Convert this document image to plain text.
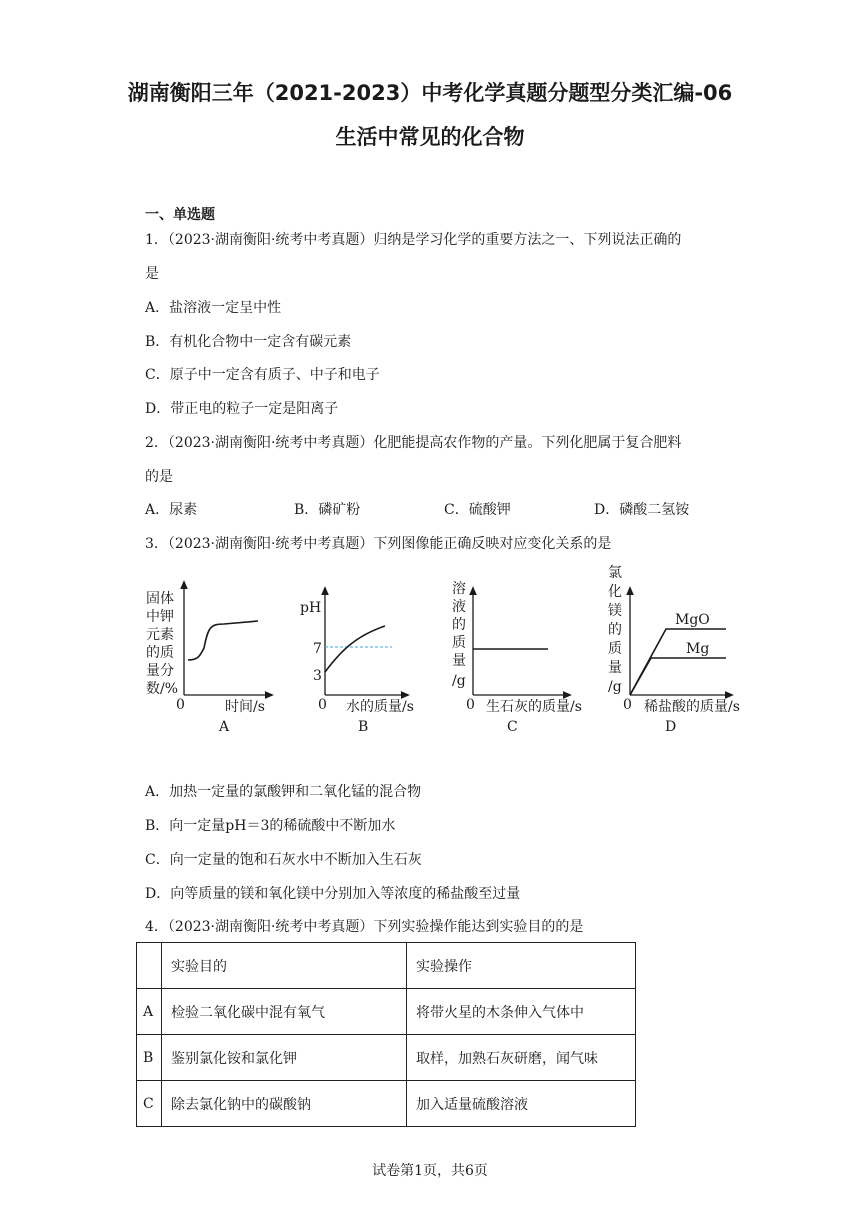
湖南衡阳三年（2021-2023）中考化学真题分题型分类汇编-06
生活中常见的化合物
一、单选题
1．（2023·湖南衡阳·统考中考真题）归纳是学习化学的重要方法之一、下列说法正确的
是
A．盐溶液一定呈中性
B．有机化合物中一定含有碳元素
C．原子中一定含有质子、中子和电子
D．带正电的粒子一定是阳离子
2．（2023·湖南衡阳·统考中考真题）化肥能提高农作物的产量。下列化肥属于复合肥料
的是
A．尿素	B．磷矿粉	C．硫酸钾	D．磷酸二氢铵
3．（2023·湖南衡阳·统考中考真题）下列图像能正确反映对应变化关系的是
固体
中钾
元素
的质
量分
数/%
0	时间/s
A
pH
7
3
0 水的质量/s
B
溶
液
的
质
量
/g
0 生石灰的质量/s
C
氯
化
镁
的
质
量
/g
MgO
Mg
0 稀盐酸的质量/s
D
A．加热一定量的氯酸钾和二氧化锰的混合物
B．向一定量pH＝3的稀硫酸中不断加水
C．向一定量的饱和石灰水中不断加入生石灰
D．向等质量的镁和氧化镁中分别加入等浓度的稀盐酸至过量
4．（2023·湖南衡阳·统考中考真题）下列实验操作能达到实验目的的是
	实验目的	实验操作
A	检验二氧化碳中混有氧气	将带火星的木条伸入气体中
B	鉴别氯化铵和氯化钾	取样，加熟石灰研磨，闻气味
C	除去氯化钠中的碳酸钠	加入适量硫酸溶液
试卷第1页，共6页
